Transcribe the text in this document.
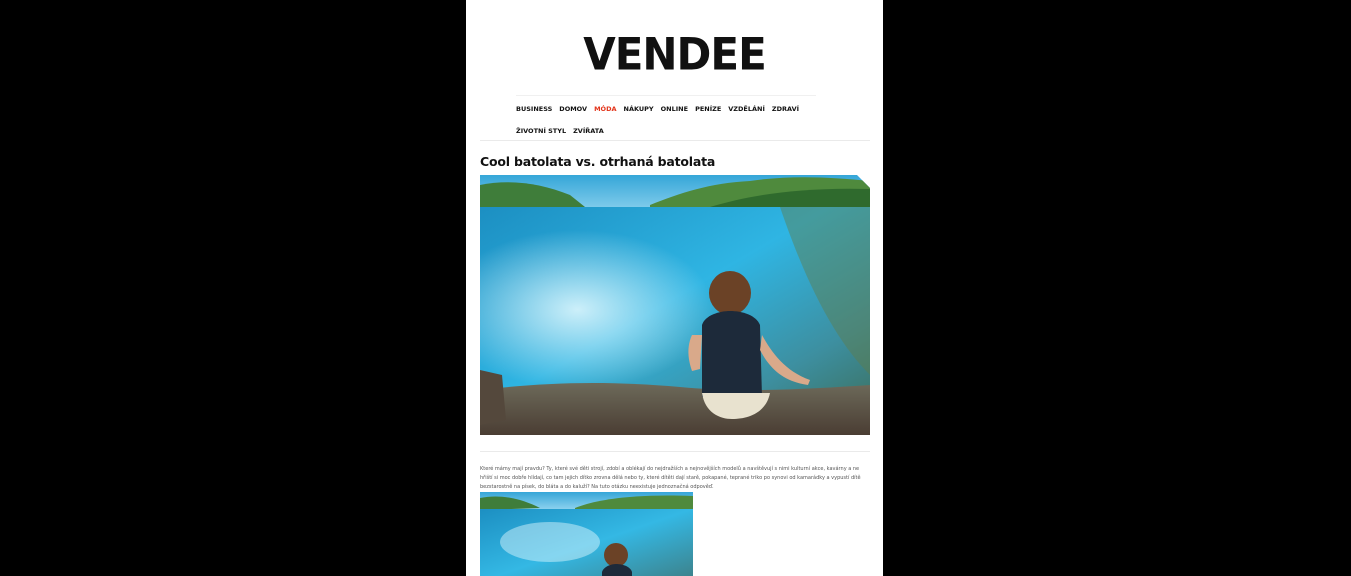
VENDEE
BUSINESS DOMOV MÓDA NÁKUPY ONLINE PENÍZE VZDĚLÁNÍ ZDRAVÍ
ŽIVOTNÍ STYL ZVÍŘATA
Cool batolata vs. otrhaná batolata

Které mámy mají pravdu? Ty, které své děti strojí, zdobí a oblékají do nejdražších a nejnovějších modelů a navštěvují s nimi kulturní akce, kavárny a ne hřiští si moc dobře hlídají, co tam jejich dítko zrovna dělá nebo ty, které dítěti dají starě, pokapané, teprané triko po synovi od kamarádky a vypustí dítě bezstarostně na písek, do bláta a do kaluží? Na tuto otázku neexistuje jednoznačná odpověď.
